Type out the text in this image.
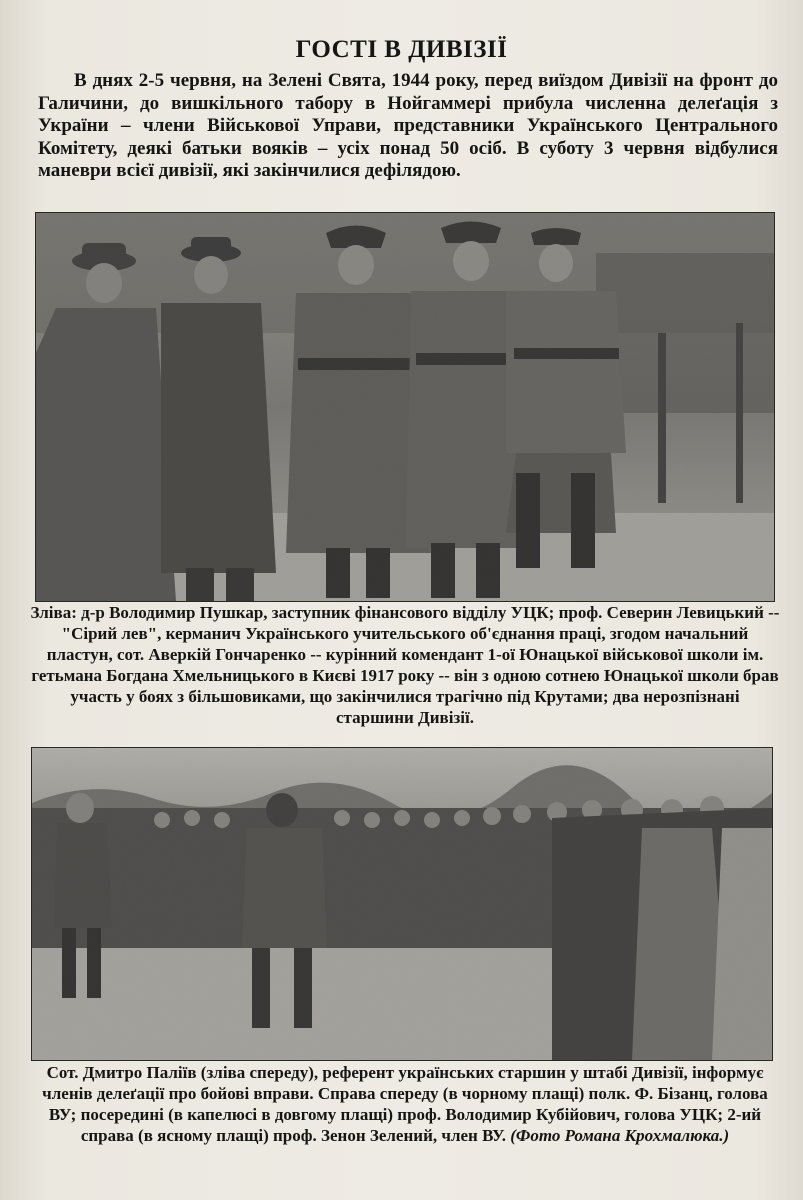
ГОСТІ В ДИВІЗІЇ
В днях 2-5 червня, на Зелені Свята, 1944 року, перед виїздом Дивізії на фронт до Галичини, до вишкільного табору в Нойгаммері прибула численна делеґація з України – члени Військової Управи, представники Українського Центрального Комітету, деякі батьки вояків – усіх понад 50 осіб. В суботу 3 червня відбулися маневри всієї дивізії, які закінчилися дефілядою.
Зліва: д-р Володимир Пушкар, заступник фінансового відділу УЦК; проф. Северин Левицький -- "Сірий лев", керманич Українського учительського об'єднання праці, згодом начальний пластун, сот. Аверкій Гончаренко -- курінний комендант 1-ої Юнацької військової школи ім. гетьмана Богдана Хмельницького в Києві 1917 року -- він з одною сотнею Юнацької школи брав участь у боях з більшовиками, що закінчилися трагічно під Крутами; два нерозпізнані старшини Дивізії.
Сот. Дмитро Паліїв (зліва спереду), референт українських старшин у штабі Дивізії, інформує членів делеґації про бойові вправи. Справа спереду (в чорному плащі) полк. Ф. Бізанц, голова ВУ; посередині (в капелюсі в довгому плащі) проф. Володимир Кубійович, голова УЦК; 2-ий справа (в ясному плащі) проф. Зенон Зелений, член ВУ. (Фото Романа Крохмалюка.)
